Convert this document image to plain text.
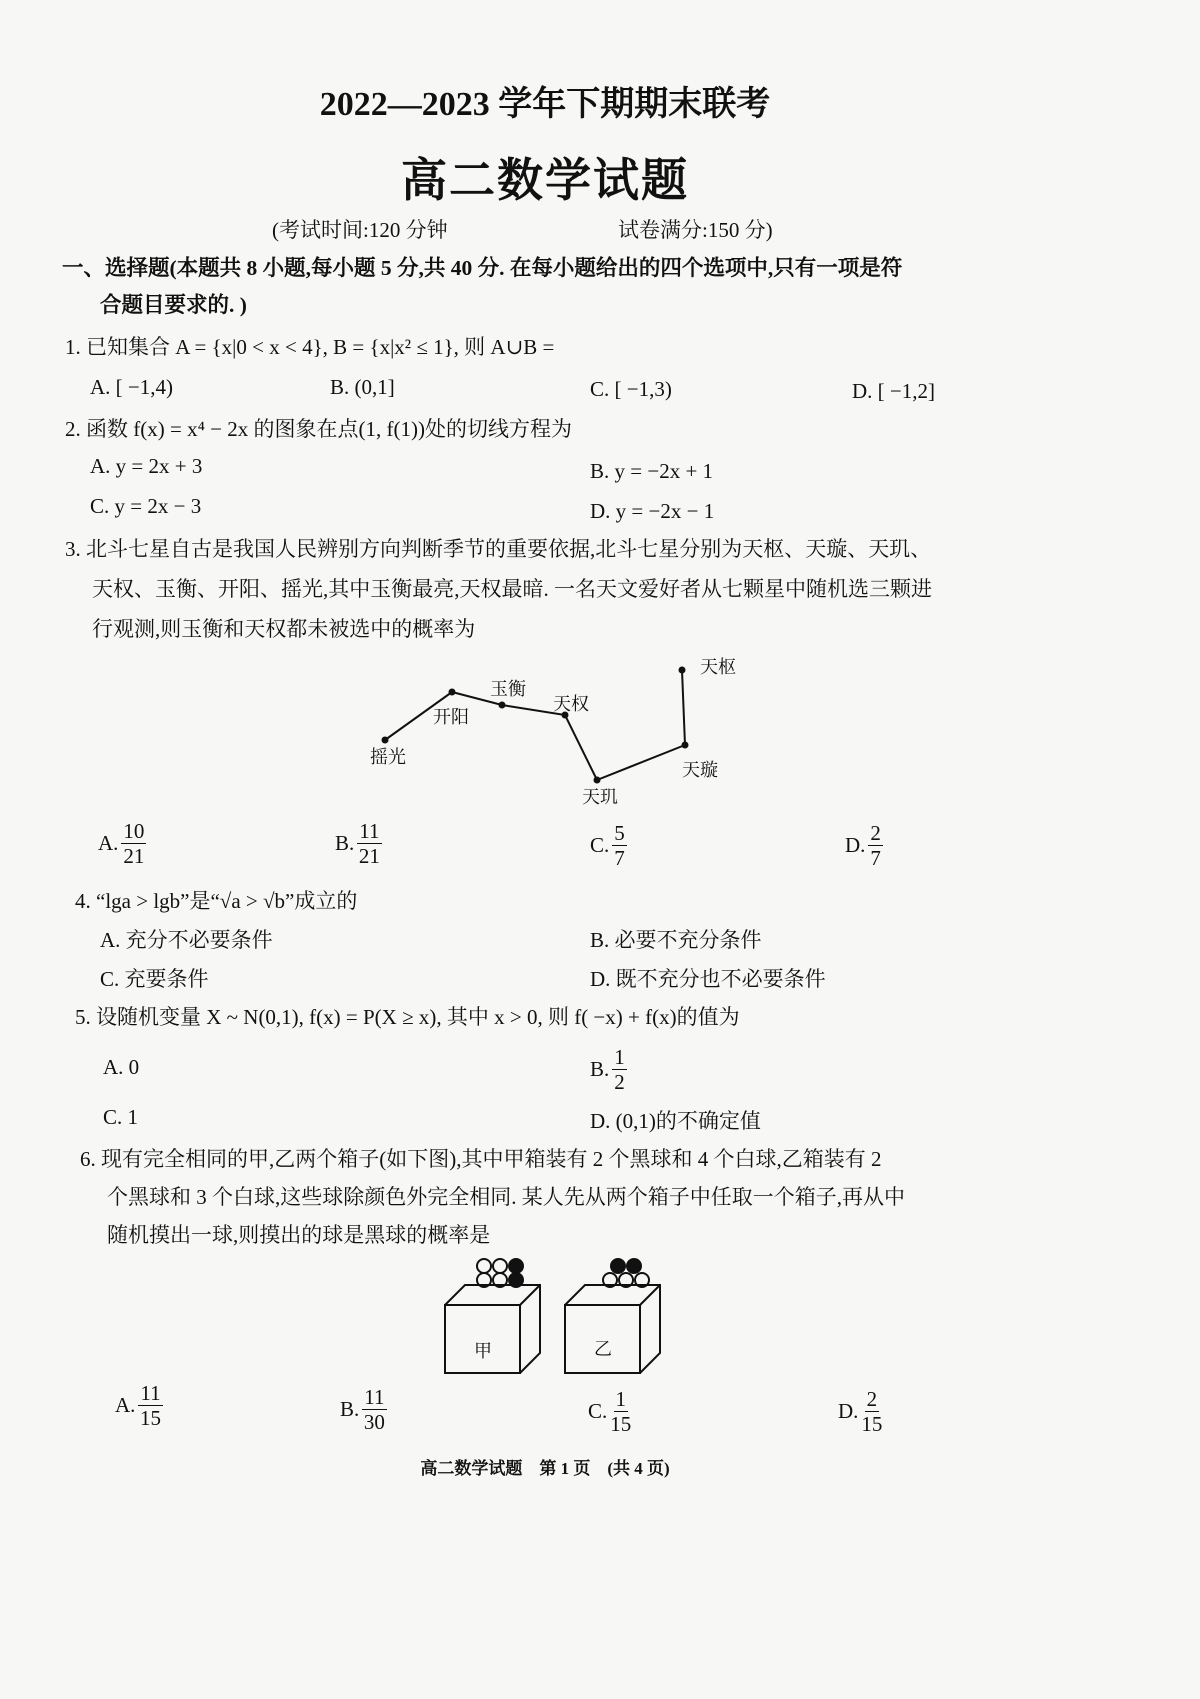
2022—2023 学年下期期末联考
高二数学试题
(考试时间:120 分钟	试卷满分:150 分)
一、选择题(本题共 8 小题,每小题 5 分,共 40 分. 在每小题给出的四个选项中,只有一项是符
合题目要求的. )
1. 已知集合 A = {x|0 < x < 4}, B = {x|x² ≤ 1}, 则 A∪B =
A. [ −1,4)	B. (0,1]	C. [ −1,3)	D. [ −1,2]
2. 函数 f(x) = x⁴ − 2x 的图象在点(1, f(1))处的切线方程为
A. y = 2x + 3	B. y = −2x + 1
C. y = 2x − 3	D. y = −2x − 1
3. 北斗七星自古是我国人民辨别方向判断季节的重要依据,北斗七星分别为天枢、天璇、天玑、
天权、玉衡、开阳、摇光,其中玉衡最亮,天权最暗. 一名天文爱好者从七颗星中随机选三颗进
行观测,则玉衡和天权都未被选中的概率为
摇光
开阳
玉衡
天权
天玑
天璇
天枢
A. $\frac{10}{21}$	B. $\frac{11}{21}$	C. $\frac{5}{7}$	D. $\frac{2}{7}$
4. “lga > lgb”是“√a > √b”成立的
A. 充分不必要条件	B. 必要不充分条件
C. 充要条件	D. 既不充分也不必要条件
5. 设随机变量 X ~ N(0,1), f(x) = P(X ≥ x), 其中 x > 0, 则 f( −x) + f(x)的值为
A. 0	B. $\frac{1}{2}$
C. 1	D. (0,1)的不确定值
6. 现有完全相同的甲,乙两个箱子(如下图),其中甲箱装有 2 个黑球和 4 个白球,乙箱装有 2
个黑球和 3 个白球,这些球除颜色外完全相同. 某人先从两个箱子中任取一个箱子,再从中
随机摸出一球,则摸出的球是黑球的概率是
甲	乙
A. $\frac{11}{15}$	B. $\frac{11}{30}$	C. $\frac{1}{15}$	D. $\frac{2}{15}$
高二数学试题　第 1 页　(共 4 页)
